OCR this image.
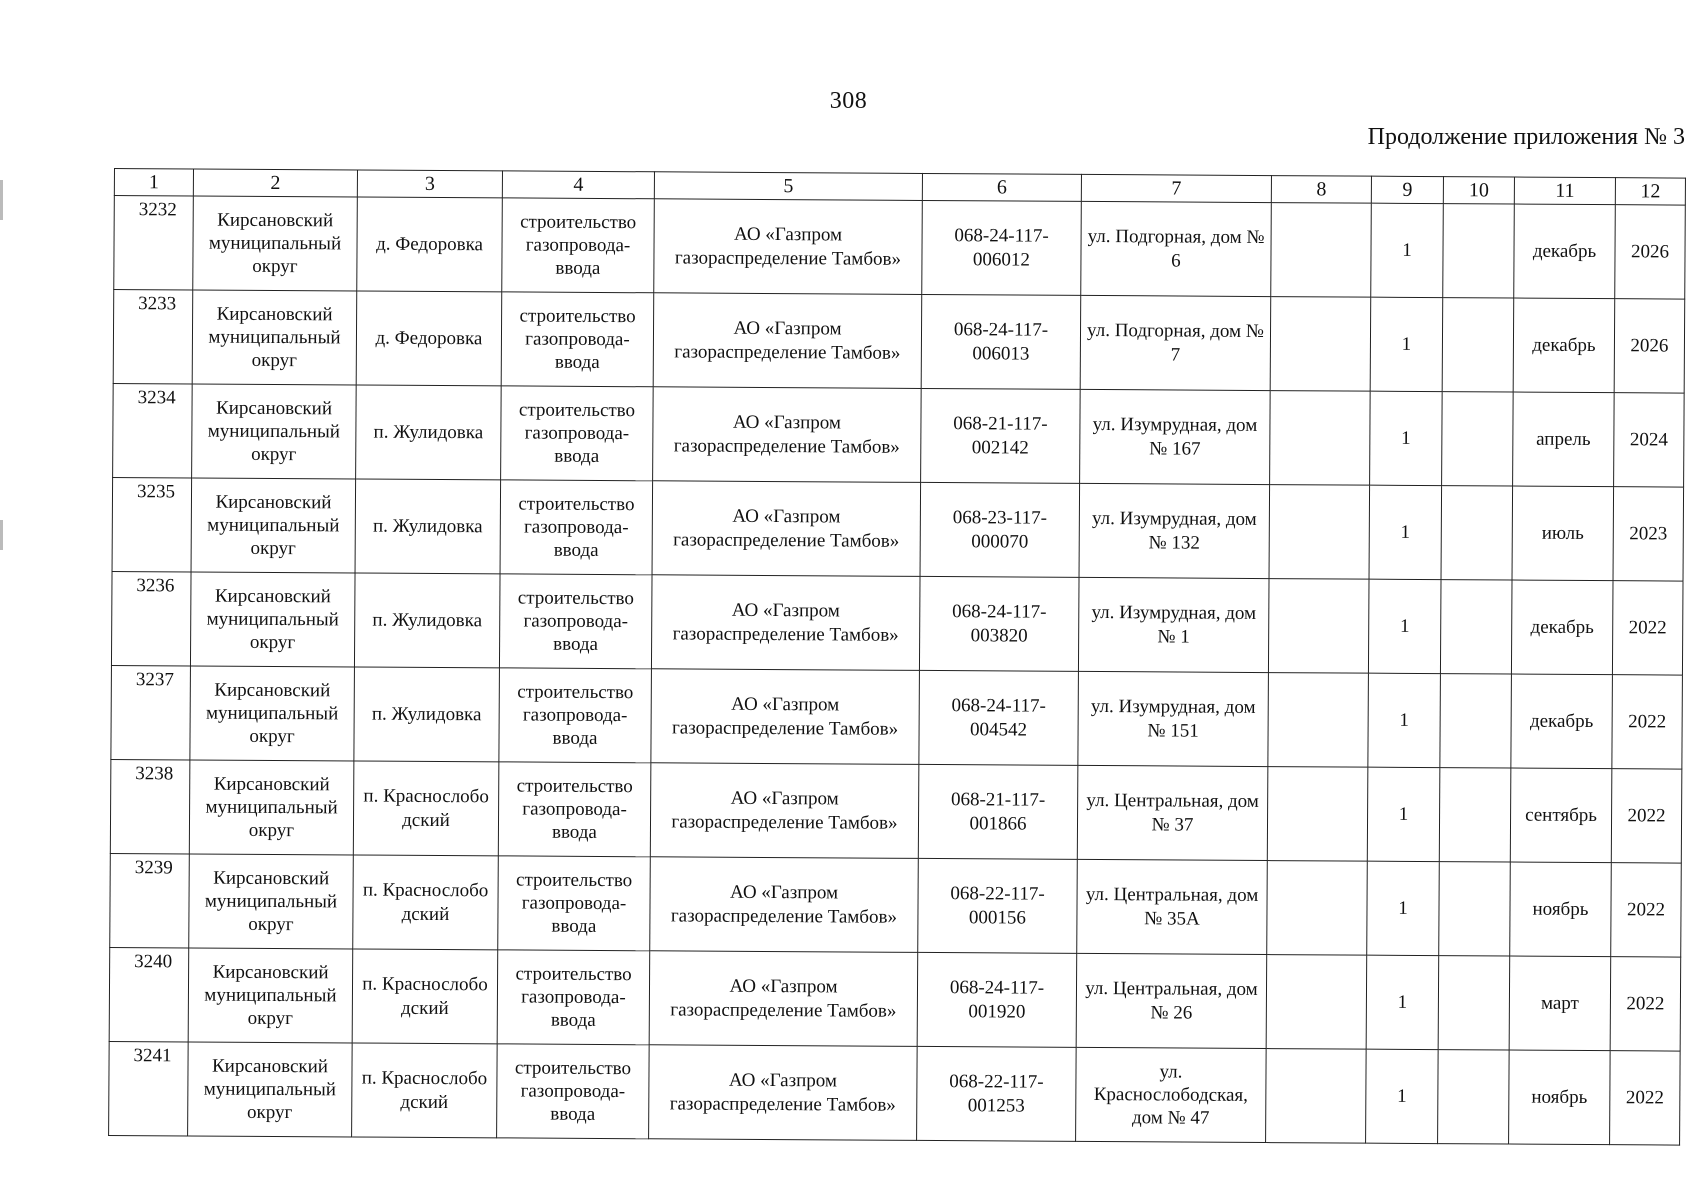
308
Продолжение приложения № 3
1	2	3	4	5	6	7	8	9	10	11	12
3232	Кирсановский муниципальный округ	д. Федоровка	строительство газопровода-ввода	АО «Газпром газораспределение Тамбов»	068-24-117-006012	ул. Подгорная, дом № 6		1		декабрь	2026
3233	Кирсановский муниципальный округ	д. Федоровка	строительство газопровода-ввода	АО «Газпром газораспределение Тамбов»	068-24-117-006013	ул. Подгорная, дом № 7		1		декабрь	2026
3234	Кирсановский муниципальный округ	п. Жулидовка	строительство газопровода-ввода	АО «Газпром газораспределение Тамбов»	068-21-117-002142	ул. Изумрудная, дом № 167		1		апрель	2024
3235	Кирсановский муниципальный округ	п. Жулидовка	строительство газопровода-ввода	АО «Газпром газораспределение Тамбов»	068-23-117-000070	ул. Изумрудная, дом № 132		1		июль	2023
3236	Кирсановский муниципальный округ	п. Жулидовка	строительство газопровода-ввода	АО «Газпром газораспределение Тамбов»	068-24-117-003820	ул. Изумрудная, дом № 1		1		декабрь	2022
3237	Кирсановский муниципальный округ	п. Жулидовка	строительство газопровода-ввода	АО «Газпром газораспределение Тамбов»	068-24-117-004542	ул. Изумрудная, дом № 151		1		декабрь	2022
3238	Кирсановский муниципальный округ	п. Краснослобо дский	строительство газопровода-ввода	АО «Газпром газораспределение Тамбов»	068-21-117-001866	ул. Центральная, дом № 37		1		сентябрь	2022
3239	Кирсановский муниципальный округ	п. Краснослобо дский	строительство газопровода-ввода	АО «Газпром газораспределение Тамбов»	068-22-117-000156	ул. Центральная, дом № 35А		1		ноябрь	2022
3240	Кирсановский муниципальный округ	п. Краснослобо дский	строительство газопровода-ввода	АО «Газпром газораспределение Тамбов»	068-24-117-001920	ул. Центральная, дом № 26		1		март	2022
3241	Кирсановский муниципальный округ	п. Краснослобо дский	строительство газопровода-ввода	АО «Газпром газораспределение Тамбов»	068-22-117-001253	ул. Краснослободская, дом № 47		1		ноябрь	2022
